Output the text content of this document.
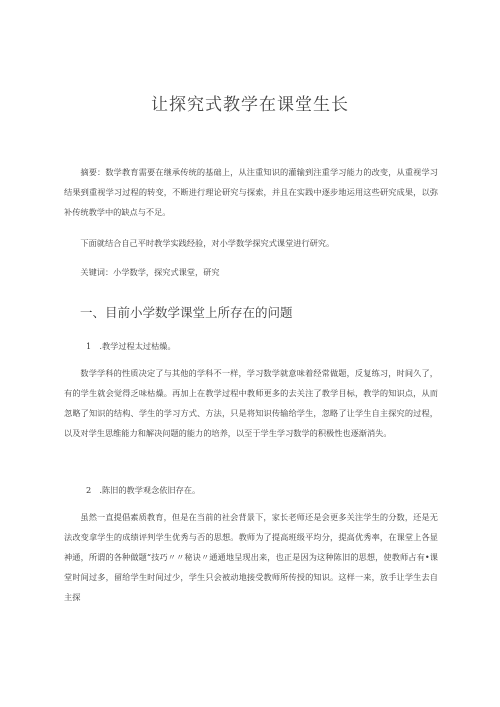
让探究式教学在课堂生长
摘要：数学教育需要在继承传统的基础上，从注重知识的灌输到注重学习能力的改变，从重视学习结果到重视学习过程的转变，不断进行理论研究与探索，并且在实践中逐步地运用这些研究成果，以弥补传统教学中的缺点与不足。
下面就结合自己平时教学实践经验，对小学数学探究式课堂进行研究。
关键词：小学数学，探究式课堂，研究
一、目前小学数学课堂上所存在的问题
1　.教学过程太过枯燥。
数学学科的性质决定了与其他的学科不一样，学习数学就意味着经常做题，反复练习，时间久了，有的学生就会觉得乏味枯燥。再加上在教学过程中教师更多的去关注了教学目标，教学的知识点，从而忽略了知识的结构、学生的学习方式、方法，只是将知识传输给学生，忽略了让学生自主探究的过程，以及对学生思维能力和解决问题的能力的培养，以至于学生学习数学的积极性也逐渐消失。
2　.陈旧的教学观念依旧存在。
虽然一直提倡素质教育，但是在当前的社会背景下，家长老师还是会更多关注学生的分数，还是无法改变拿学生的成绩评判学生优秀与否的思想。教师为了提高班级平均分，提高优秀率，在课堂上各显神通，所谓的各种做题“技巧〃〃秘诀〃通通地呈现出来，也正是因为这种陈旧的思想，使教师占有•课堂时间过多，留给学生时间过少，学生只会被动地接受教师所传授的知识。这样一来，放手让学生去自主探
